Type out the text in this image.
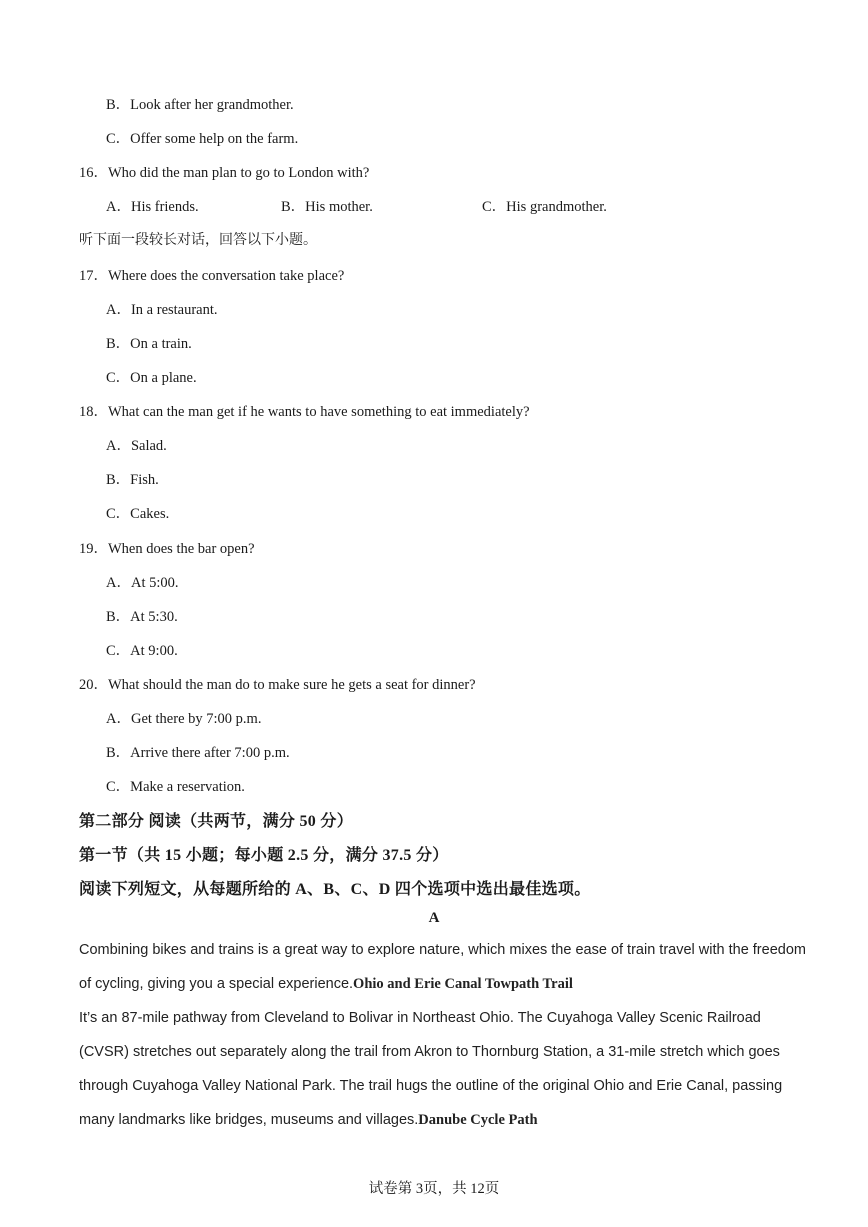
B．Look after her grandmother.
C．Offer some help on the farm.
16．Who did the man plan to go to London with?
A．His friends.	B．His mother.	C．His grandmother.
听下面一段较长对话，回答以下小题。
17．Where does the conversation take place?
A．In a restaurant.
B．On a train.
C．On a plane.
18．What can the man get if he wants to have something to eat immediately?
A．Salad.
B．Fish.
C．Cakes.
19．When does the bar open?
A．At 5:00.
B．At 5:30.
C．At 9:00.
20．What should the man do to make sure he gets a seat for dinner?
A．Get there by 7:00 p.m.
B．Arrive there after 7:00 p.m.
C．Make a reservation.
第二部分 阅读（共两节，满分 50 分）
第一节（共 15 小题；每小题 2.5 分，满分 37.5 分）
阅读下列短文，从每题所给的 A、B、C、D 四个选项中选出最佳选项。
A
Combining bikes and trains is a great way to explore nature, which mixes the ease of train travel with the freedom
of cycling, giving you a special experience.Ohio and Erie Canal Towpath Trail
It’s an 87-mile pathway from Cleveland to Bolivar in Northeast Ohio. The Cuyahoga Valley Scenic Railroad
(CVSR) stretches out separately along the trail from Akron to Thornburg Station, a 31-mile stretch which goes
through Cuyahoga Valley National Park. The trail hugs the outline of the original Ohio and Erie Canal, passing
many landmarks like bridges, museums and villages.Danube Cycle Path
试卷第 3页，共 12页
